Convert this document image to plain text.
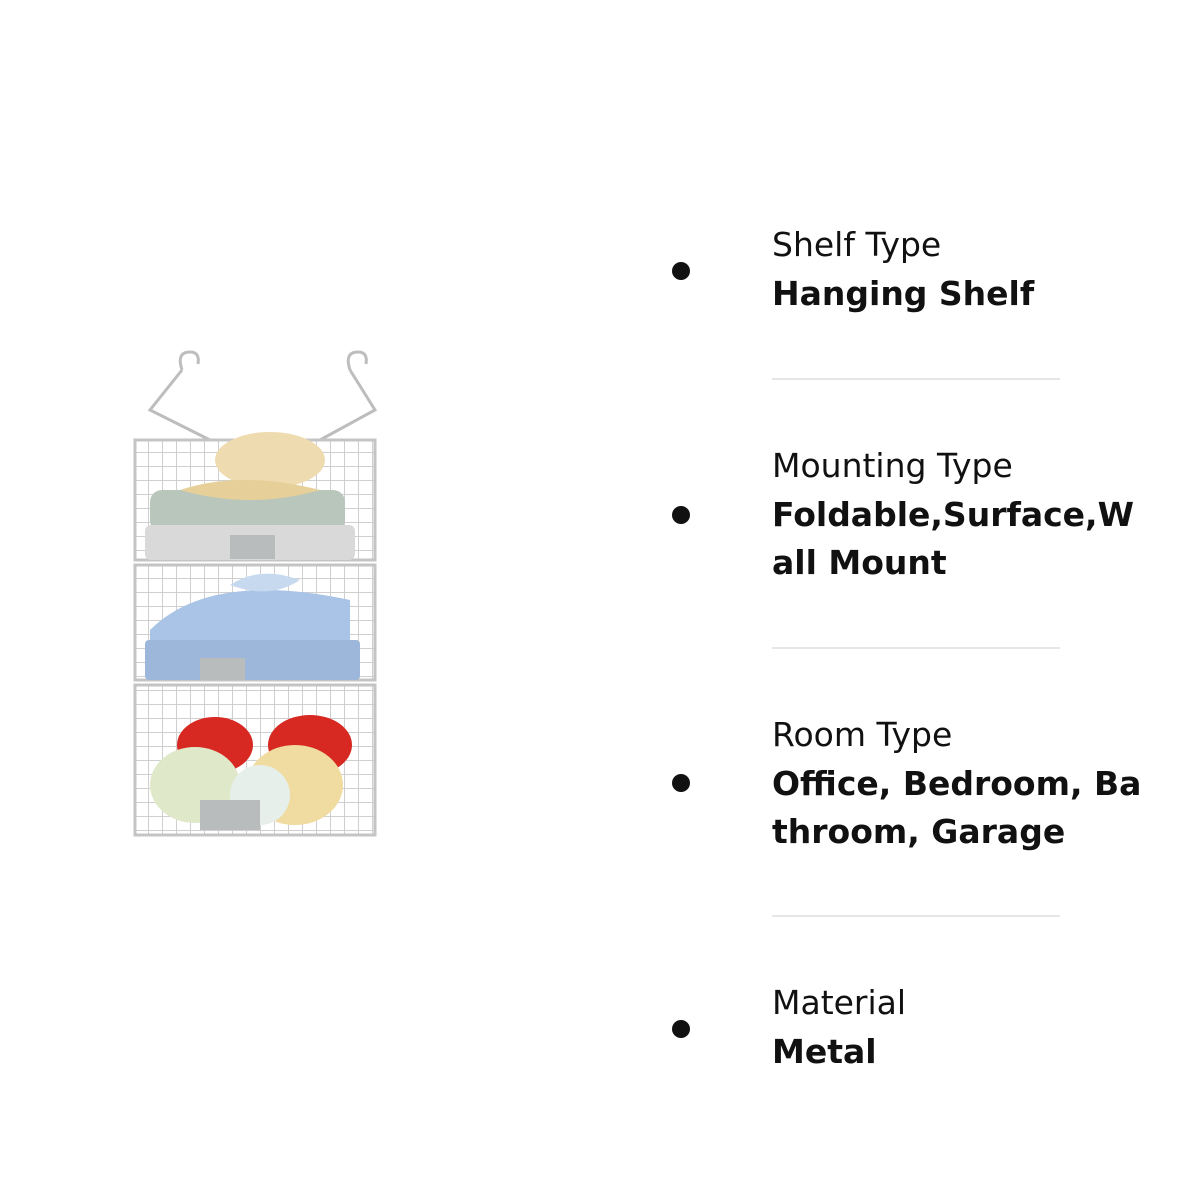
Shelf Type
Hanging Shelf
Mounting Type
Foldable,Surface,Wall Mount
Room Type
Office, Bedroom, Bathroom, Garage
Material
Metal
